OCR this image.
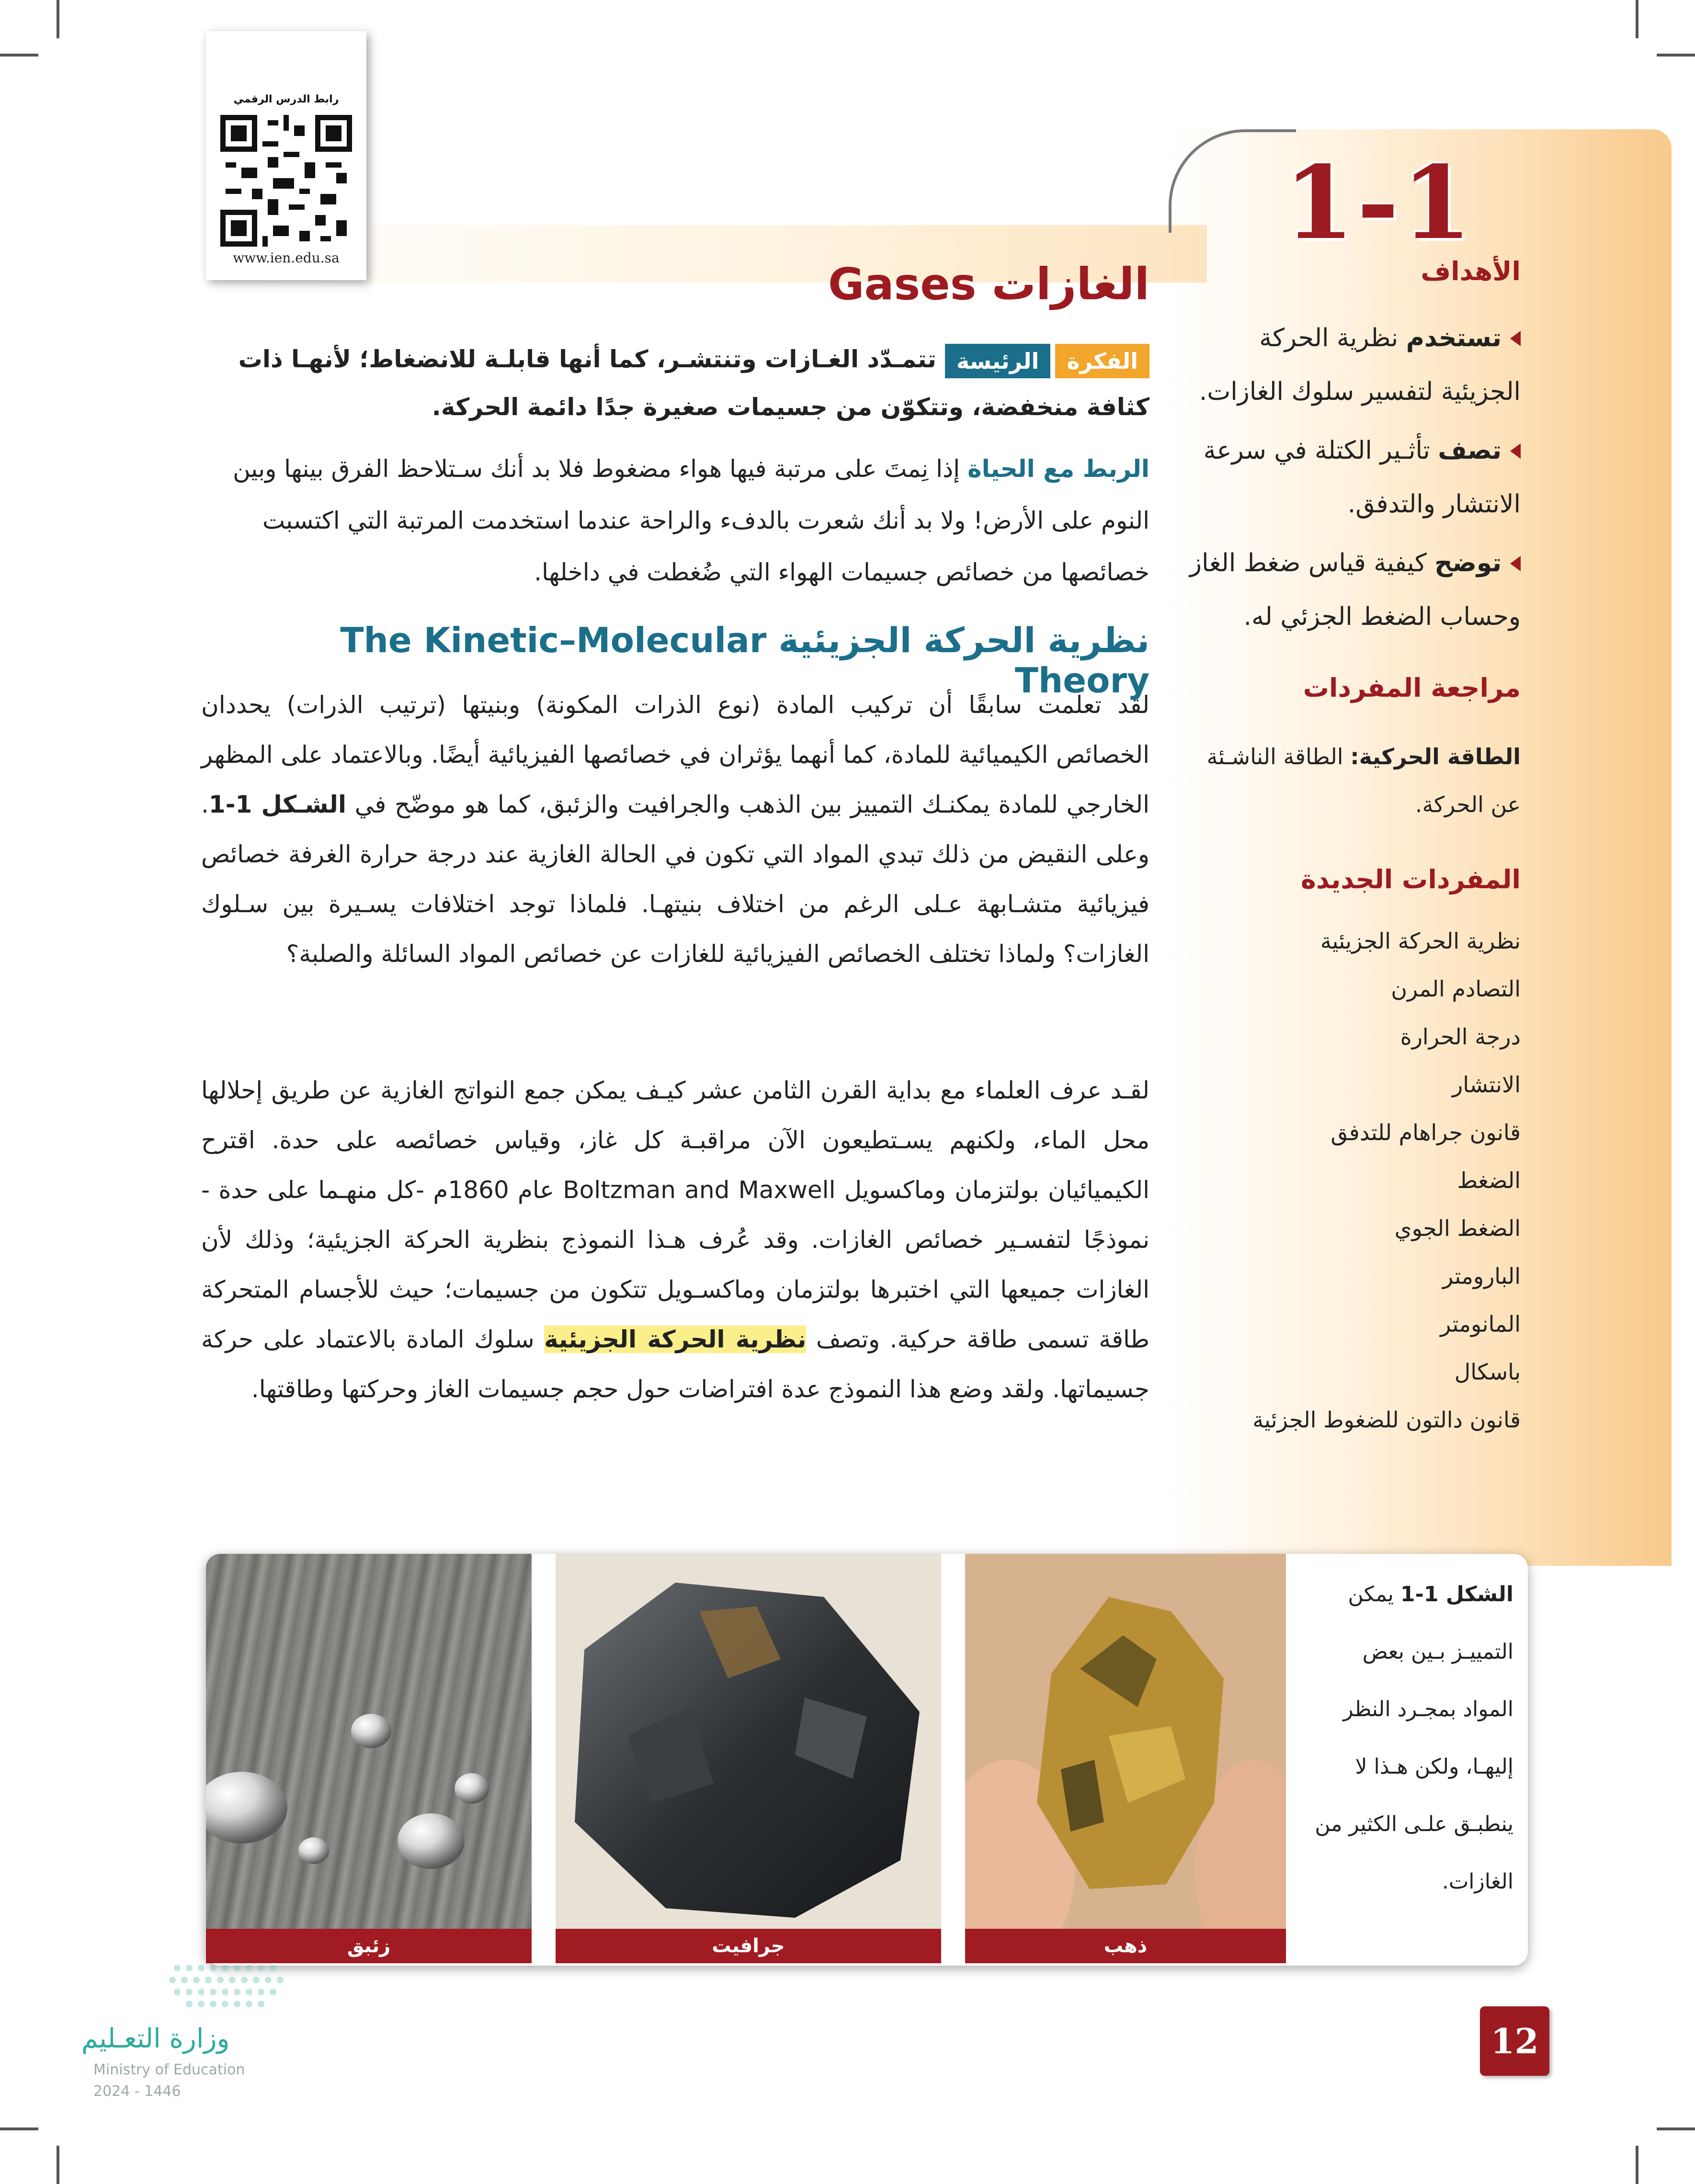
1-1
رابط الدرس الرقمي
www.ien.edu.sa
الغازات Gases
الفكرةالرئيسةتتمـدّد الغـازات وتنتشـر، كما أنها قابلـة للانضغاط؛ لأنهـا ذات كثافة منخفضة، وتتكوّن من جسيمات صغيرة جدًا دائمة الحركة.
الربط مع الحياة إذا نِمتَ على مرتبة فيها هواء مضغوط فلا بد أنك سـتلاحظ الفرق بينها وبين النوم على الأرض! ولا بد أنك شعرت بالدفء والراحة عندما استخدمت المرتبة التي اكتسبت خصائصها من خصائص جسيمات الهواء التي ضُغطت في داخلها.
نظرية الحركة الجزيئية The Kinetic–Molecular Theory
لقد تعلمت سابقًا أن تركيب المادة (نوع الذرات المكونة) وبنيتها (ترتيب الذرات) يحددان الخصائص الكيميائية للمادة، كما أنهما يؤثران في خصائصها الفيزيائية أيضًا. وبالاعتماد على المظهر الخارجي للمادة يمكنـك التمييز بين الذهب والجرافيت والزئبق، كما هو موضّح في الشـكل 1-1. وعلى النقيض من ذلك تبدي المواد التي تكون في الحالة الغازية عند درجة حرارة الغرفة خصائص فيزيائية متشـابهة عـلى الرغم من اختلاف بنيتهـا. فلماذا توجد اختلافات يسـيرة بين سـلوك الغازات؟ ولماذا تختلف الخصائص الفيزيائية للغازات عن خصائص المواد السائلة والصلبة؟
لقـد عرف العلماء مع بداية القرن الثامن عشر كيـف يمكن جمع النواتج الغازية عن طريق إحلالها محل الماء، ولكنهم يسـتطيعون الآن مراقبـة كل غاز، وقياس خصائصه على حدة. اقترح الكيميائيان بولتزمان وماكسويل Boltzman and Maxwell عام 1860م -كل منهـما على حدة - نموذجًا لتفسـير خصائص الغازات. وقد عُرف هـذا النموذج بنظرية الحركة الجزيئية؛ وذلك لأن الغازات جميعها التي اختبرها بولتزمان وماكسـويل تتكون من جسيمات؛ حيث للأجسام المتحركة طاقة تسمى طاقة حركية. وتصف نظرية الحركة الجزيئية سلوك المادة بالاعتماد على حركة جسيماتها. ولقد وضع هذا النموذج عدة افتراضات حول حجم جسيمات الغاز وحركتها وطاقتها.
الأهداف
تستخدم نظرية الحركة الجزيئية لتفسير سلوك الغازات.
تصف تأثـير الكتلة في سرعة الانتشار والتدفق.
توضح كيفية قياس ضغط الغاز وحساب الضغط الجزئي له.
مراجعة المفردات
الطاقة الحركية: الطاقة الناشـئة عن الحركة.
المفردات الجديدة
نظرية الحركة الجزيئية
التصادم المرن
درجة الحرارة
الانتشار
قانون جراهام للتدفق
الضغط
الضغط الجوي
البارومتر
المانومتر
باسكال
قانون دالتون للضغوط الجزئية
زئبق	جرافيت	ذهب
الشكل 1-1 يمكن التمييـز بـين بعض المواد بمجـرد النظر إليهـا، ولكن هـذا لا ينطبـق علـى الكثير من الغازات.
وزارة التعـليم
Ministry of Education
2024 - 1446
12
